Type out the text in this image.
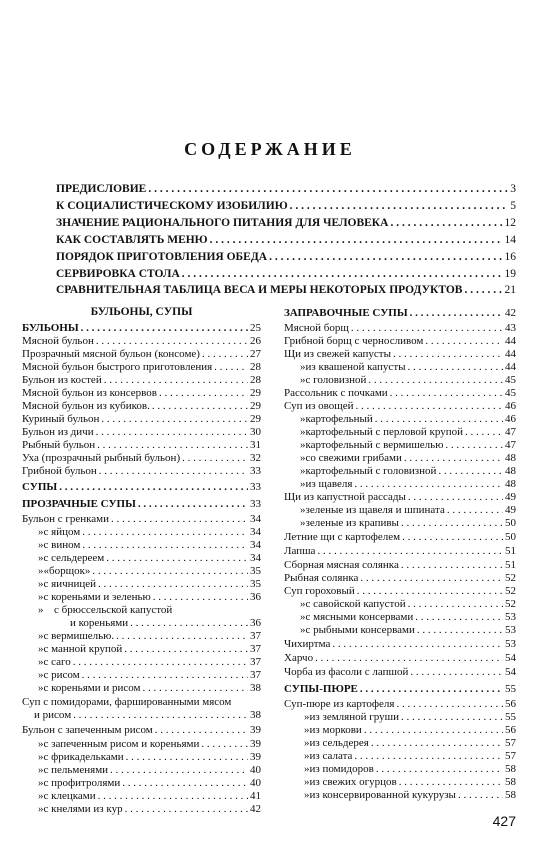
СОДЕРЖАНИЕ
ПРЕДИСЛОВИЕ . . .	3
К СОЦИАЛИСТИЧЕСКОМУ ИЗОБИЛИЮ . . .	5
ЗНАЧЕНИЕ РАЦИОНАЛЬНОГО ПИТАНИЯ ДЛЯ ЧЕЛОВЕКА . . .	12
КАК СОСТАВЛЯТЬ МЕНЮ . . .	14
ПОРЯДОК ПРИГОТОВЛЕНИЯ ОБЕДА . . .	16
СЕРВИРОВКА СТОЛА . . .	19
СРАВНИТЕЛЬНАЯ ТАБЛИЦА ВЕСА И МЕРЫ НЕКОТОРЫХ ПРОДУКТОВ . . .	21
БУЛЬОНЫ, СУПЫ
БУЛЬОНЫ . . .	25
Мясной бульон . . .	26
Прозрачный мясной бульон (консоме) . . .	27
Мясной бульон быстрого приготовления . . .	28
Бульон из костей . . .	28
Мясной бульон из консервов . . .	29
Мясной бульон из кубиков. . . .	29
Куриный бульон . . .	29
Бульон из дичи . . .	30
Рыбный бульон . . .	31
Уха (прозрачный рыбный бульон) . . .	32
Грибной бульон . . .	33
СУПЫ . . .	33
ПРОЗРАЧНЫЕ СУПЫ . . .	33
Бульон с гренками . . .	34
» с яйцом . . .	34
» с вином . . .	34
» с сельдереем . . .	34
» «борщок» . . .	35
» с яичницей . . .	35
» с кореньями и зеленью . . .	36
» с брюссельской капустой
и кореньями . . .	36
» с вермишелью. . . .	37
» с манной крупой . . .	37
» с саго . . .	37
» с рисом . . .	37
» с кореньями и рисом . . .	38
Суп с помидорами, фаршированными мясом
и рисом . . .	38
Бульон с запеченным рисом . . .	39
» с запеченным рисом и кореньями . . .	39
» с фрикадельками . . .	39
» с пельменями . . .	40
» с профитролями . . .	40
» с клецками . . .	41
» с кнелями из кур . . .	42
ЗАПРАВОЧНЫЕ СУПЫ . . .	42
Мясной борщ . . .	43
Грибной борщ с черносливом . . .	44
Щи из свежей капусты . . .	44
» из квашеной капусты . . .	44
» с головизной . . .	45
Рассольник с почками . . .	45
Суп из овощей . . .	46
» картофельный . . .	46
» картофельный с перловой крупой . . .	47
» картофельный с вермишелью . . .	47
» со свежими грибами . . .	48
» картофельный с головизной . . .	48
» из щавеля . . .	48
Щи из капустной рассады . . .	49
» зеленые из щавеля и шпината . . .	49
» зеленые из крапивы . . .	50
Летние щи с картофелем . . .	50
Лапша . . .	51
Сборная мясная солянка . . .	51
Рыбная солянка . . .	52
Суп гороховый . . .	52
» с савойской капустой . . .	52
» с мясными консервами . . .	53
» с рыбными консервами . . .	53
Чихиртма . . .	53
Харчо . . .	54
Чорба из фасоли с лапшой . . .	54
СУПЫ-ПЮРЕ . . .	55
Суп-пюре из картофеля . . .	56
» из земляной груши . . .	55
» из моркови . . .	56
» из сельдерея . . .	57
» из салата . . .	57
» из помидоров . . .	58
» из свежих огурцов . . .	58
» из консервированной кукурузы . . .	58
427
